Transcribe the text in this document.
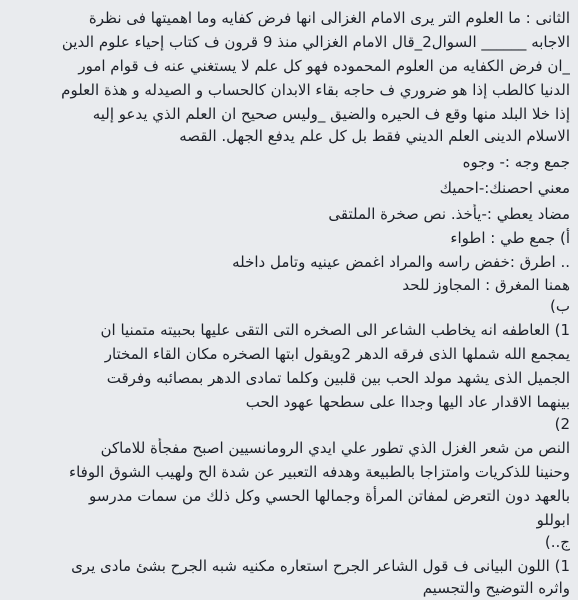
الثانى : ما العلوم التر يرى الامام الغزالى انها فرض كفايه وما اهميتها فى نظرة
الاجابه ______ السوال2_قال الامام الغزالي منذ 9 قرون ف كتاب إحياء علوم الدين
_ان فرض الكفايه من العلوم المحموده فهو كل علم لا يستغني عنه ف قوام امور
الدنيا كالطب إذا هو ضروري ف حاجه بقاء الابدان كالحساب و الصيدله و هذة العلوم
إذا خلا البلد منها وقع ف الحيره والضيق _وليس صحيح ان العلم الذي يدعو إليه
الاسلام الدينى العلم الديني فقط بل كل علم يدفع الجهل. القصه
جمع وجه :- وجوه
معني احصنك:-احميك
مضاد يعطي :-يأخذ. نص صخرة الملتقى
أ) جمع طي : اطواء
.. اطرق :خفض راسه والمراد اغمض عينيه وتامل داخله
همنا المغرق : المجاوز للحد
ب)
1) العاطفه انه يخاطب الشاعر الى الصخره التى التقى عليها بحبيته متمنيا ان
يمجمع الله شملها الذى فرقه الدهر 2ويقول ابتها الصخره مكان القاء المختار
الجميل الذى يشهد مولد الحب بين قلبين وكلما تمادى الدهر بمصائبه وفرقت
بينهما الاقدار عاد اليها وجداا على سطحها عهود الحب
2)
النص من شعر الغزل الذي تطور علي ايدي الرومانسيين اصبح مفجأة للاماكن
وحنينا للذكريات وامتزاجا بالطبيعة وهدفه التعبير عن شدة الح ولهيب الشوق الوفاء
بالعهد دون التعرض لمفاتن المرأة وجمالها الحسي وكل ذلك من سمات مدرسو
ابوللو
ج..)
1) اللون البيانى ف قول الشاعر الجرح استعاره مكنيه شبه الجرح بشئ مادى يرى
واثره التوضيح والتجسيم
